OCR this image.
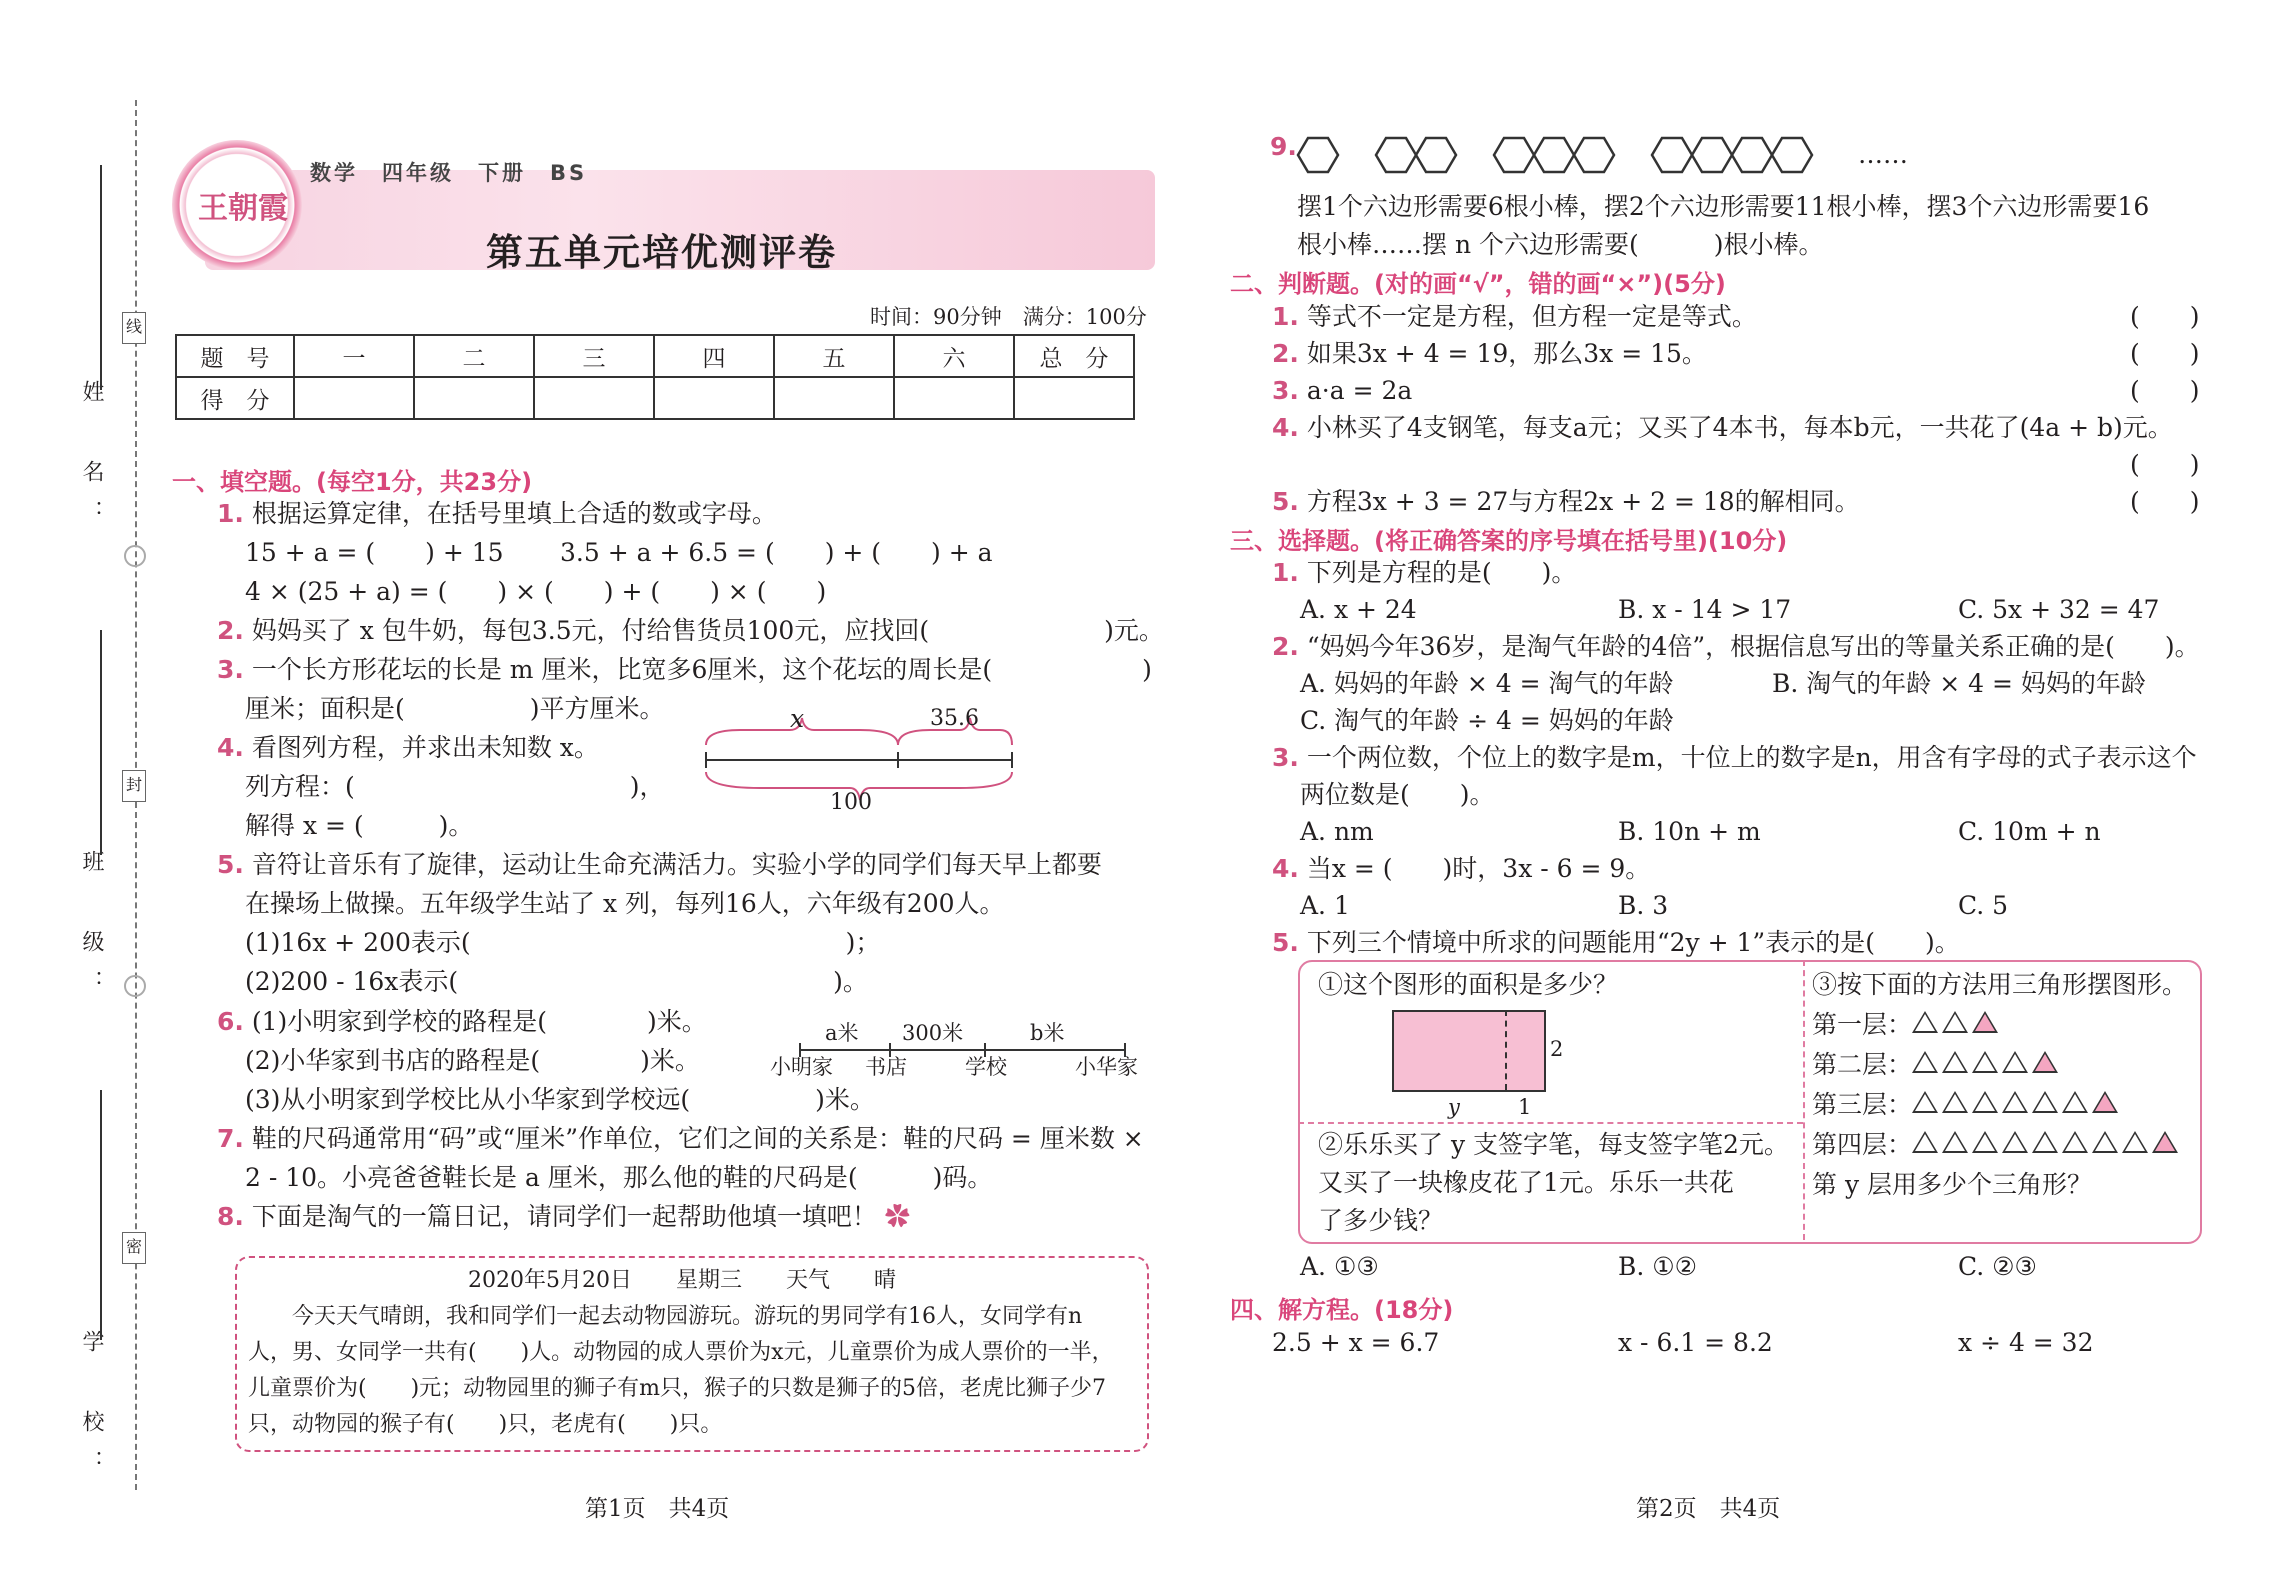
线
封
密
姓　名：
班　级：
学　校：
王朝霞
数学　四年级　下册　BS
第五单元培优测评卷
时间：90分钟　满分：100分
题　号	一	二	三	四	五	六	总　分
得　分							
一、填空题。(每空1分，共23分)
1. 根据运算定律，在括号里填上合适的数或字母。
15 + a = (　　) + 15 3.5 + a + 6.5 = (　　) + (　　) + a
4 × (25 + a) = (　　) × (　　) + (　　) × (　　)
2. 妈妈买了 x 包牛奶，每包3.5元，付给售货员100元，应找回(　　　　　　　)元。
3. 一个长方形花坛的长是 m 厘米，比宽多6厘米，这个花坛的周长是(　　　　　　)
厘米；面积是(　　　　　)平方厘米。
4. 看图列方程，并求出未知数 x。
列方程：(　　　　　　　　　　　)，
解得 x = (　　　)。
x	35.6
100
5. 音符让音乐有了旋律，运动让生命充满活力。实验小学的同学们每天早上都要
在操场上做操。五年级学生站了 x 列，每列16人，六年级有200人。
(1)16x + 200表示(　　　　　　　　　　　　　　　)；
(2)200 - 16x表示(　　　　　　　　　　　　　　　)。
6. (1)小明家到学校的路程是(　　　　)米。
(2)小华家到书店的路程是(　　　　)米。
(3)从小明家到学校比从小华家到学校远(　　　　　)米。
a米 300米	b米
小明家 书店	学校	小华家
7. 鞋的尺码通常用“码”或“厘米”作单位，它们之间的关系是：鞋的尺码 = 厘米数 ×
2 - 10。小亮爸爸鞋长是 a 厘米，那么他的鞋的尺码是(　　　)码。
8. 下面是淘气的一篇日记，请同学们一起帮助他填一填吧！ ✿
2020年5月20日　　星期三　　天气　　晴
　　今天天气晴朗，我和同学们一起去动物园游玩。游玩的男同学有16人，女同学有n
人，男、女同学一共有(　　)人。动物园的成人票价为x元，儿童票价为成人票价的一半，
儿童票价为(　　)元；动物园里的狮子有m只，猴子的只数是狮子的5倍，老虎比狮子少7
只，动物园的猴子有(　　)只，老虎有(　　)只。
第1页　共4页
9.	……
摆1个六边形需要6根小棒，摆2个六边形需要11根小棒，摆3个六边形需要16
根小棒……摆 n 个六边形需要(　　　)根小棒。
二、判断题。(对的画“√”，错的画“×”)(5分)
1. 等式不一定是方程，但方程一定是等式。	(　　)
2. 如果3x + 4 = 19，那么3x = 15。	(　　)
3. a·a = 2a	(　　)
4. 小林买了4支钢笔，每支a元；又买了4本书，每本b元，一共花了(4a + b)元。
(　　)
5. 方程3x + 3 = 27与方程2x + 2 = 18的解相同。	(　　)
三、选择题。(将正确答案的序号填在括号里)(10分)
1. 下列是方程的是(　　)。
A. x + 24	B. x - 14 > 17	C. 5x + 32 = 47
2. “妈妈今年36岁，是淘气年龄的4倍”，根据信息写出的等量关系正确的是(　　)。
A. 妈妈的年龄 × 4 = 淘气的年龄	B. 淘气的年龄 × 4 = 妈妈的年龄
C. 淘气的年龄 ÷ 4 = 妈妈的年龄
3. 一个两位数，个位上的数字是m，十位上的数字是n，用含有字母的式子表示这个
两位数是(　　)。
A. nm	B. 10n + m	C. 10m + n
4. 当x = (　　)时，3x - 6 = 9。
A. 1	B. 3	C. 5
5. 下列三个情境中所求的问题能用“2y + 1”表示的是(　　)。
①这个图形的面积是多少？
2
y	1
②乐乐买了 y 支签字笔，每支签字笔2元。
又买了一块橡皮花了1元。乐乐一共花
了多少钱？
③按下面的方法用三角形摆图形。
第一层：
第二层：
第三层：
第四层：
第 y 层用多少个三角形？
A. ①③	B. ①②	C. ②③
四、解方程。(18分)
2.5 + x = 6.7	x - 6.1 = 8.2	x ÷ 4 = 32
第2页　共4页
